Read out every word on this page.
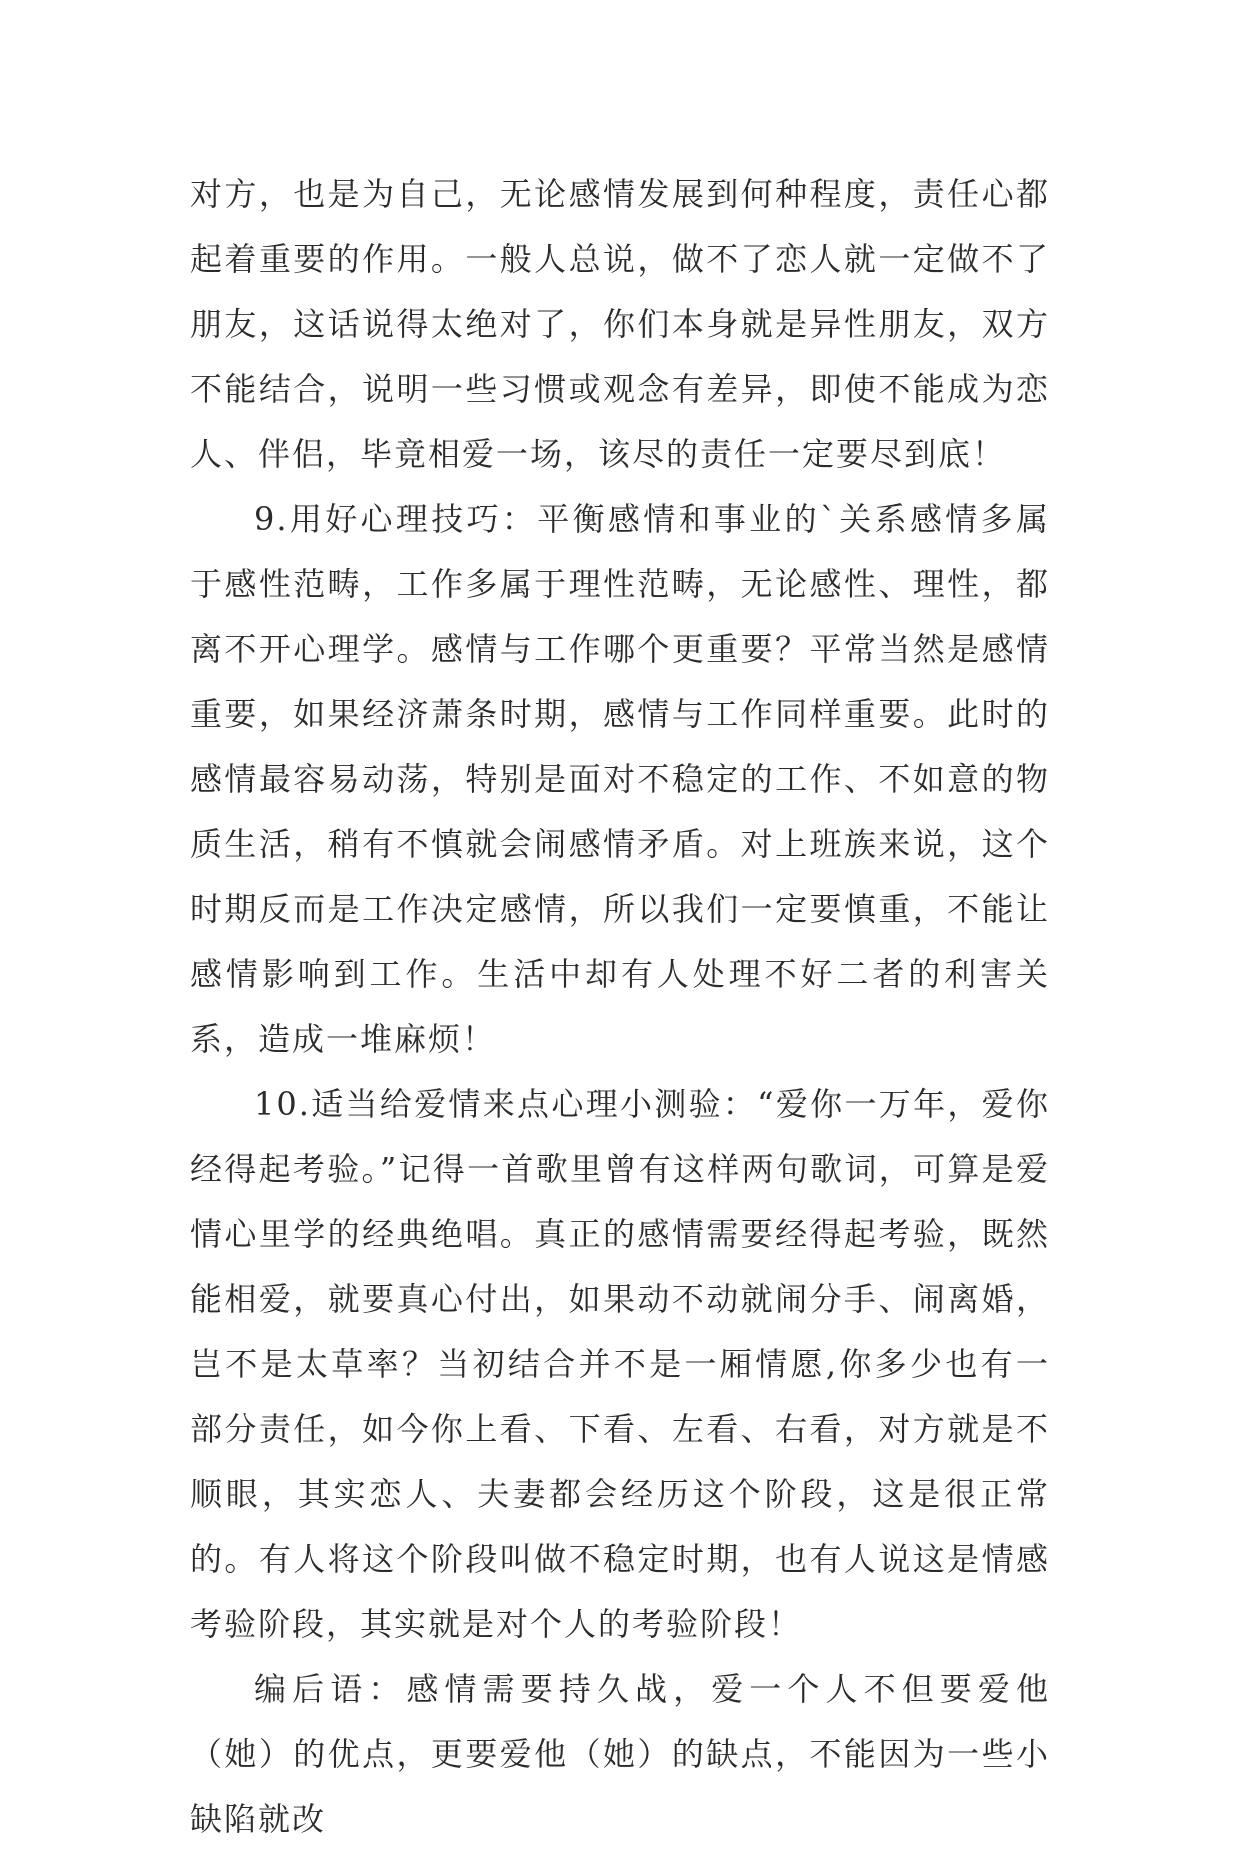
对方，也是为自己，无论感情发展到何种程度，责任心都起着重要的作用。一般人总说，做不了恋人就一定做不了朋友，这话说得太绝对了，你们本身就是异性朋友，双方不能结合，说明一些习惯或观念有差异，即使不能成为恋人、伴侣，毕竟相爱一场，该尽的责任一定要尽到底！

9.用好心理技巧：平衡感情和事业的`关系感情多属于感性范畴，工作多属于理性范畴，无论感性、理性，都离不开心理学。感情与工作哪个更重要？平常当然是感情重要，如果经济萧条时期，感情与工作同样重要。此时的感情最容易动荡，特别是面对不稳定的工作、不如意的物质生活，稍有不慎就会闹感情矛盾。对上班族来说，这个时期反而是工作决定感情，所以我们一定要慎重，不能让感情影响到工作。生活中却有人处理不好二者的利害关系，造成一堆麻烦！

10.适当给爱情来点心理小测验：“爱你一万年，爱你经得起考验。”记得一首歌里曾有这样两句歌词，可算是爱情心里学的经典绝唱。真正的感情需要经得起考验，既然能相爱，就要真心付出，如果动不动就闹分手、闹离婚，岂不是太草率？当初结合并不是一厢情愿,你多少也有一部分责任，如今你上看、下看、左看、右看，对方就是不顺眼，其实恋人、夫妻都会经历这个阶段，这是很正常的。有人将这个阶段叫做不稳定时期，也有人说这是情感考验阶段，其实就是对个人的考验阶段！

编后语：感情需要持久战，爱一个人不但要爱他（她）的优点，更要爱他（她）的缺点，不能因为一些小缺陷就改
